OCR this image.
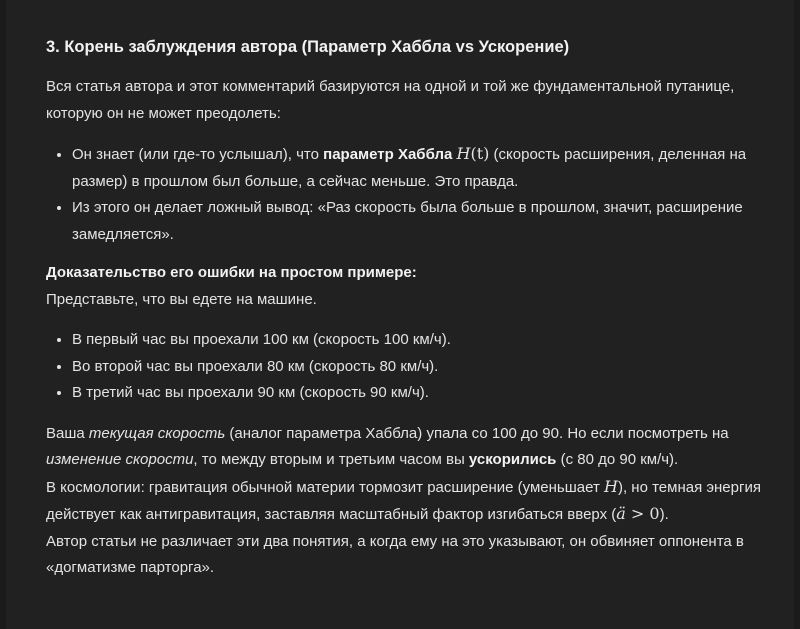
3. Корень заблуждения автора (Параметр Хаббла vs Ускорение)

Вся статья автора и этот комментарий базируются на одной и той же фундаментальной путанице, которую он не может преодолеть:

• Он знает (или где-то услышал), что параметр Хаббла H(t) (скорость расширения, деленная на размер) в прошлом был больше, а сейчас меньше. Это правда.
• Из этого он делает ложный вывод: «Раз скорость была больше в прошлом, значит, расширение замедляется».

Доказательство его ошибки на простом примере:
Представьте, что вы едете на машине.

• В первый час вы проехали 100 км (скорость 100 км/ч).
• Во второй час вы проехали 80 км (скорость 80 км/ч).
• В третий час вы проехали 90 км (скорость 90 км/ч).

Ваша текущая скорость (аналог параметра Хаббла) упала со 100 до 90. Но если посмотреть на
изменение скорости, то между вторым и третьим часом вы ускорились (с 80 до 90 км/ч).
В космологии: гравитация обычной материи тормозит расширение (уменьшает H), но темная энергия действует как антигравитация, заставляя масштабный фактор изгибаться вверх (ä > 0).
Автор статьи не различает эти два понятия, а когда ему на это указывают, он обвиняет оппонента в «догматизме парторга».
